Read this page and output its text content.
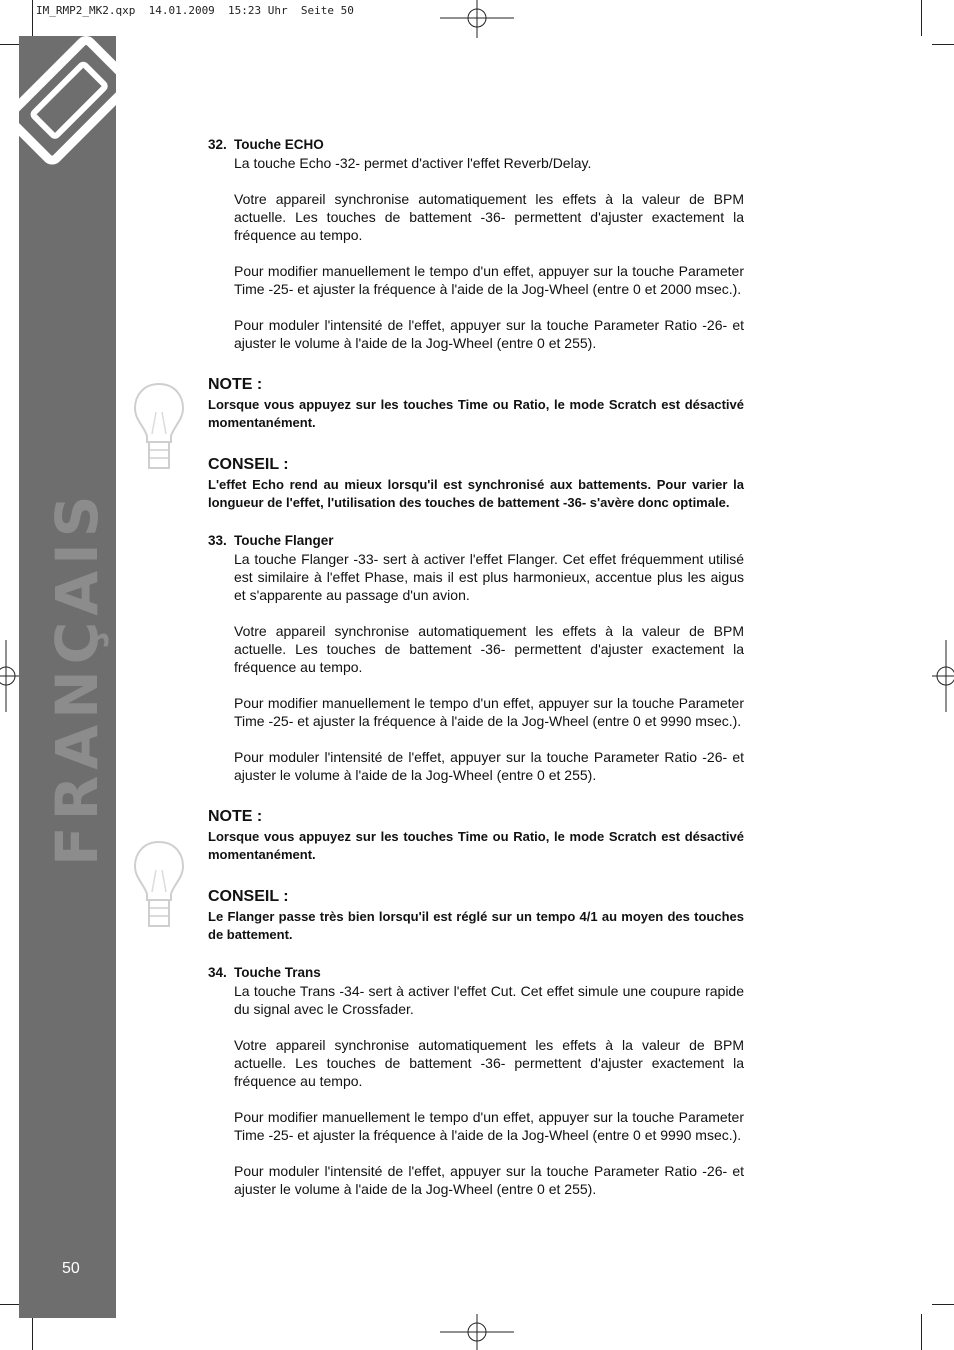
IM_RMP2_MK2.qxp  14.01.2009  15:23 Uhr  Seite 50
FRANÇAIS
50

32. Touche ECHO

La touche Echo -32- permet d'activer l'effet Reverb/Delay.

Votre appareil synchronise automatiquement les effets à la valeur de BPM actuelle. Les touches de battement -36- permettent d'ajuster exactement la fréquence au tempo.

Pour modifier manuellement le tempo d'un effet, appuyer sur la touche Parameter Time -25- et ajuster la fréquence à l'aide de la Jog-Wheel (entre 0 et 2000 msec.).

Pour moduler l'intensité de l'effet, appuyer sur la touche Parameter Ratio -26- et ajuster le volume à l'aide de la Jog-Wheel (entre 0 et 255).

NOTE :

Lorsque vous appuyez sur les touches Time ou Ratio, le mode Scratch est désactivé momentanément.

CONSEIL :

L'effet Echo rend au mieux lorsqu'il est synchronisé aux battements. Pour varier la longueur de l'effet, l'utilisation des touches de battement -36- s'avère donc optimale.

33. Touche Flanger

La touche Flanger -33- sert à activer l'effet Flanger. Cet effet fréquemment utilisé est similaire à l'effet Phase, mais il est plus harmonieux, accentue plus les aigus et s'apparente au passage d'un avion.

Votre appareil synchronise automatiquement les effets à la valeur de BPM actuelle. Les touches de battement -36- permettent d'ajuster exactement la fréquence au tempo.

Pour modifier manuellement le tempo d'un effet, appuyer sur la touche Parameter Time -25- et ajuster la fréquence à l'aide de la Jog-Wheel (entre 0 et 9990 msec.).

Pour moduler l'intensité de l'effet, appuyer sur la touche Parameter Ratio -26- et ajuster le volume à l'aide de la Jog-Wheel (entre 0 et 255).

NOTE :

Lorsque vous appuyez sur les touches Time ou Ratio, le mode Scratch est désactivé momentanément.

CONSEIL :

Le Flanger passe très bien lorsqu'il est réglé sur un tempo 4/1 au moyen des touches de battement.

34. Touche Trans

La touche Trans -34- sert à activer l'effet Cut. Cet effet simule une coupure rapide du signal avec le Crossfader.

Votre appareil synchronise automatiquement les effets à la valeur de BPM actuelle. Les touches de battement -36- permettent d'ajuster exactement la fréquence au tempo.

Pour modifier manuellement le tempo d'un effet, appuyer sur la touche Parameter Time -25- et ajuster la fréquence à l'aide de la Jog-Wheel (entre 0 et 9990 msec.).

Pour moduler l'intensité de l'effet, appuyer sur la touche Parameter Ratio -26- et ajuster le volume à l'aide de la Jog-Wheel (entre 0 et 255).
